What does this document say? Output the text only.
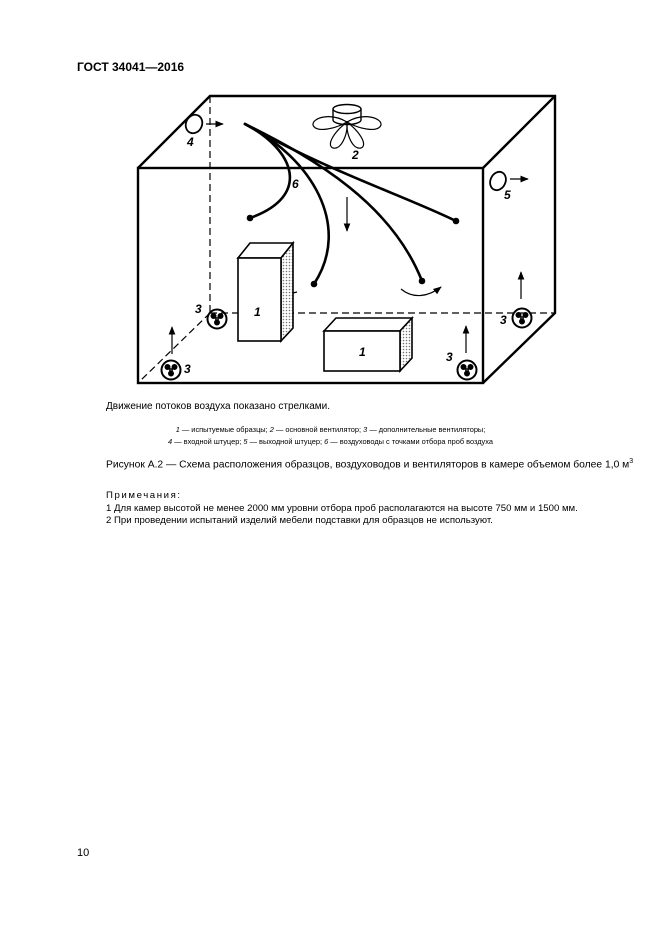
ГОСТ 34041—2016
1
1
2
3
3
3
3
4
5
6
Движение потоков воздуха показано стрелками.
1 — испытуемые образцы; 2 — основной вентилятор; 3 — дополнительные вентиляторы;
4 — входной штуцер; 5 — выходной штуцер; 6 — воздуховоды с точками отбора проб воздуха
Рисунок А.2 — Схема расположения образцов, воздуховодов и вентиляторов в камере объемом более 1,0 $м^3$
Примечания:
1 Для камер высотой не менее 2000 мм уровни отбора проб располагаются на высоте 750 мм и 1500 мм.
2 При проведении испытаний изделий мебели подставки для образцов не используют.
10
